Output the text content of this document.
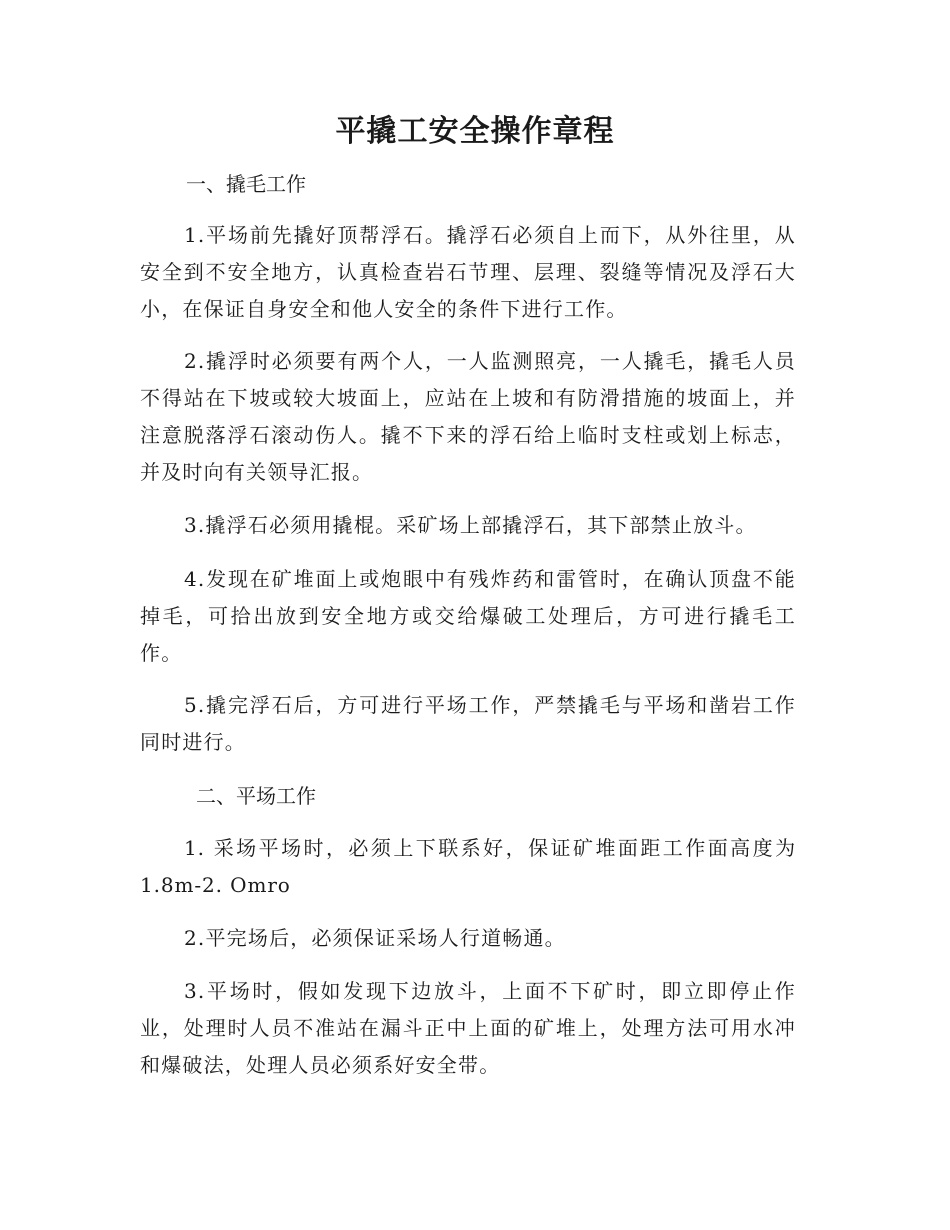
平撬工安全操作章程
一、撬毛工作

1.平场前先撬好顶帮浮石。撬浮石必须自上而下，从外往里，从安全到不安全地方，认真检查岩石节理、层理、裂缝等情况及浮石大小，在保证自身安全和他人安全的条件下进行工作。

2.撬浮时必须要有两个人，一人监测照亮，一人撬毛，撬毛人员不得站在下坡或较大坡面上，应站在上坡和有防滑措施的坡面上，并注意脱落浮石滚动伤人。撬不下来的浮石给上临时支柱或划上标志，并及时向有关领导汇报。

3.撬浮石必须用撬棍。采矿场上部撬浮石，其下部禁止放斗。

4.发现在矿堆面上或炮眼中有残炸药和雷管时，在确认顶盘不能掉毛，可拾出放到安全地方或交给爆破工处理后，方可进行撬毛工作。

5.撬完浮石后，方可进行平场工作，严禁撬毛与平场和凿岩工作同时进行。

二、平场工作

1. 采场平场时，必须上下联系好，保证矿堆面距工作面高度为1.8m-2. Omro

2.平完场后，必须保证采场人行道畅通。

3.平场时，假如发现下边放斗，上面不下矿时，即立即停止作业，处理时人员不准站在漏斗正中上面的矿堆上，处理方法可用水冲和爆破法，处理人员必须系好安全带。
